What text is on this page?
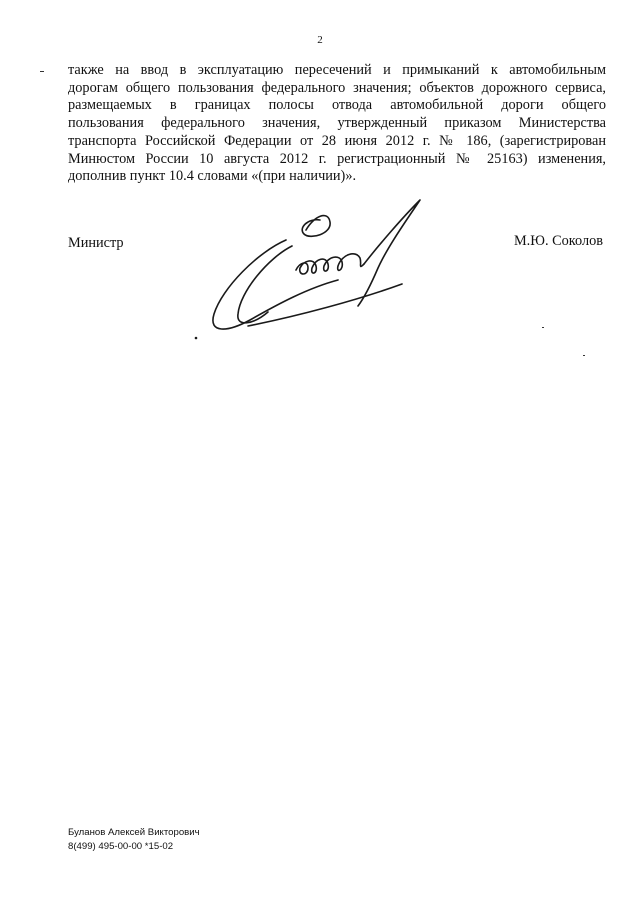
2
также на ввод в эксплуатацию пересечений и примыканий к автомобильным
дорогам общего пользования федерального значения; объектов дорожного сервиса,
размещаемых в границах полосы отвода автомобильной дороги общего
пользования федерального значения, утвержденный приказом Министерства
транспорта Российской Федерации от 28 июня 2012 г. № 186, (зарегистрирован
Минюстом России 10 августа 2012 г. регистрационный № 25163) изменения,
дополнив пункт 10.4 словами «(при наличии)».
Министр	М.Ю. Соколов
Буланов Алексей Викторович
8(499) 495-00-00 *15-02
